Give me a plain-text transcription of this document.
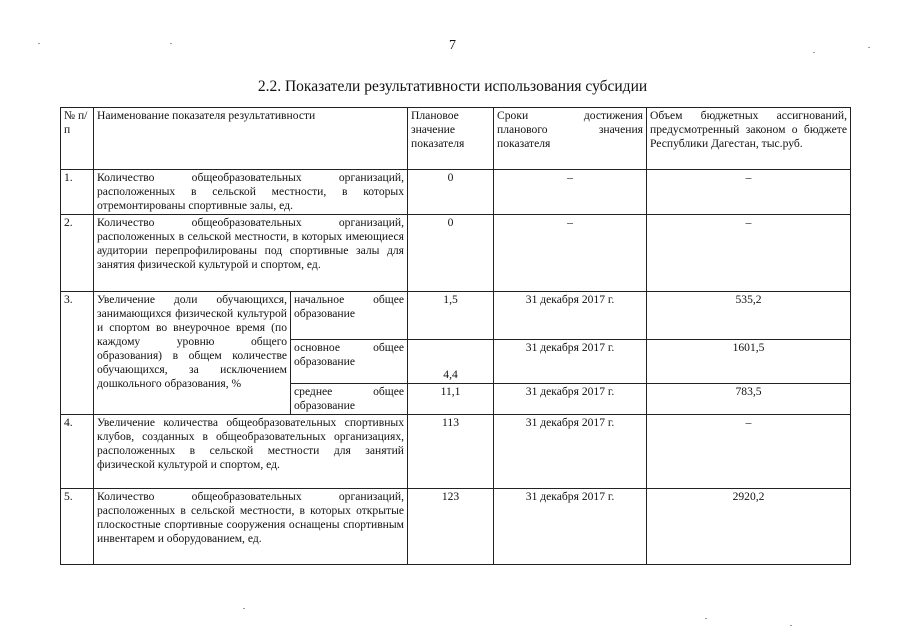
7
2.2. Показатели результативности использования субсидии
№ п/п	Наименование показателя результативности		Плановое значение показателя	Сроки достижения планового значения показателя	Объем бюджетных ассигнований, предусмотренный законом о бюджете Республики Дагестан, тыс.руб.
1.	Количество общеобразовательных организаций, расположенных в сельской местности, в которых отремонтированы спортивные залы, ед.		0	–	–
2.	Количество общеобразовательных организаций, расположенных в сельской местности, в которых имеющиеся аудитории перепрофилированы под спортивные залы для занятия физической культурой и спортом, ед.		0	–	–
3.	Увеличение доли обучающихся, занимающихся физической культурой и спортом во внеурочное время (по каждому уровню общего образования) в общем количестве обучающихся, за исключением дошкольного образования, %	начальное общее образование	1,5	31 декабря 2017 г.	535,2
		основное общее образование	4,4	31 декабря 2017 г.	1601,5
		среднее общее образование	11,1	31 декабря 2017 г.	783,5
4.	Увеличение количества общеобразовательных спортивных клубов, созданных в общеобразовательных организациях, расположенных в сельской местности для занятий физической культурой и спортом, ед.		113	31 декабря 2017 г.	–
5.	Количество общеобразовательных организаций, расположенных в сельской местности, в которых открытые плоскостные спортивные сооружения оснащены спортивным инвентарем и оборудованием, ед.		123	31 декабря 2017 г.	2920,2
